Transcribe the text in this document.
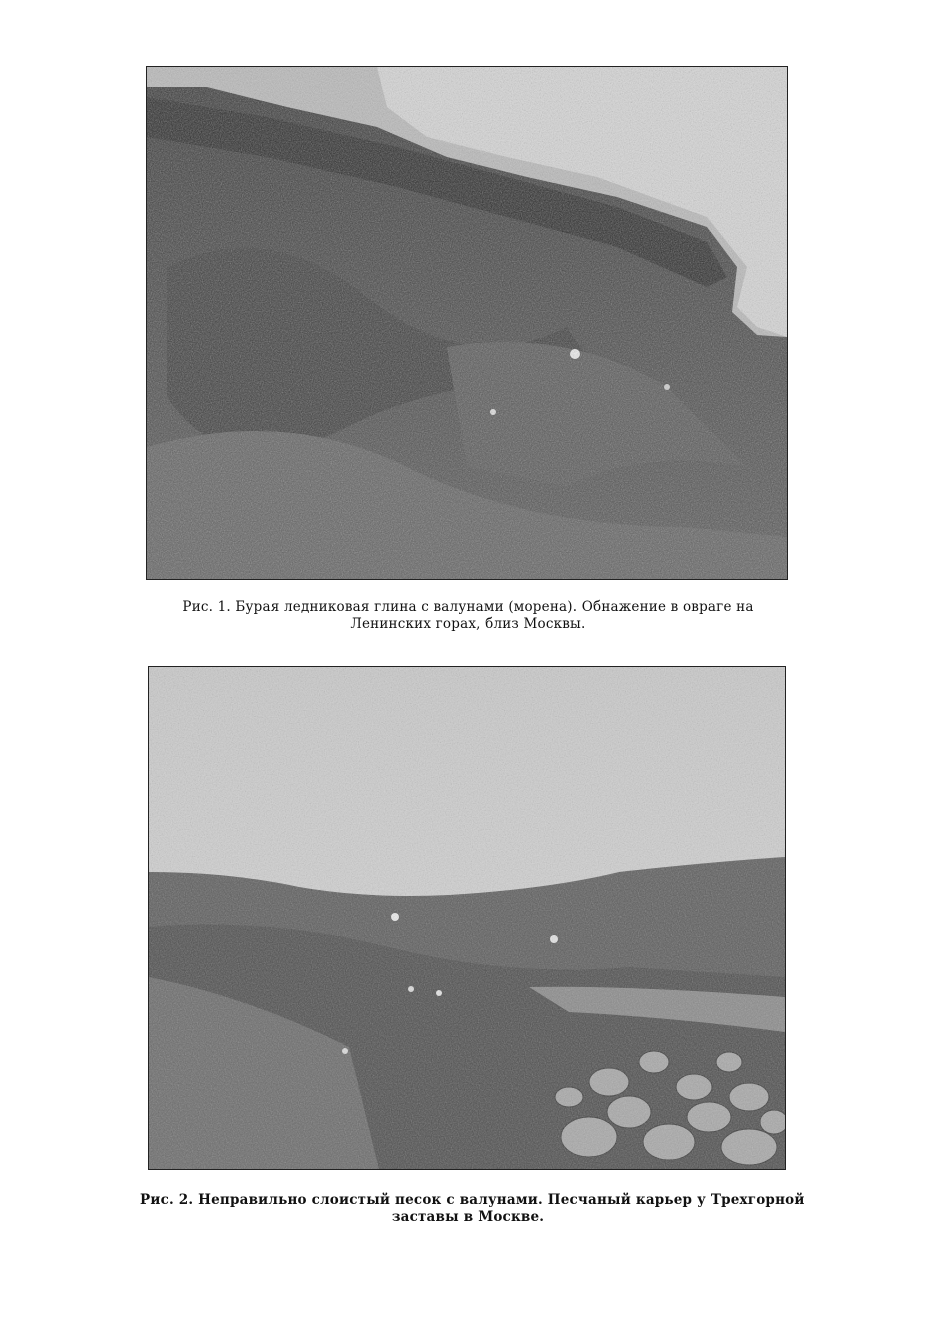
Рис. 1. Бурая ледниковая глина с валунами (морена). Обнажение в овраге на
Ленинских горах, близ Москвы.
Рис. 2. Неправильно слоистый песок с валунами. Песчаный карьер у Трехгорной
заставы в Москве.
